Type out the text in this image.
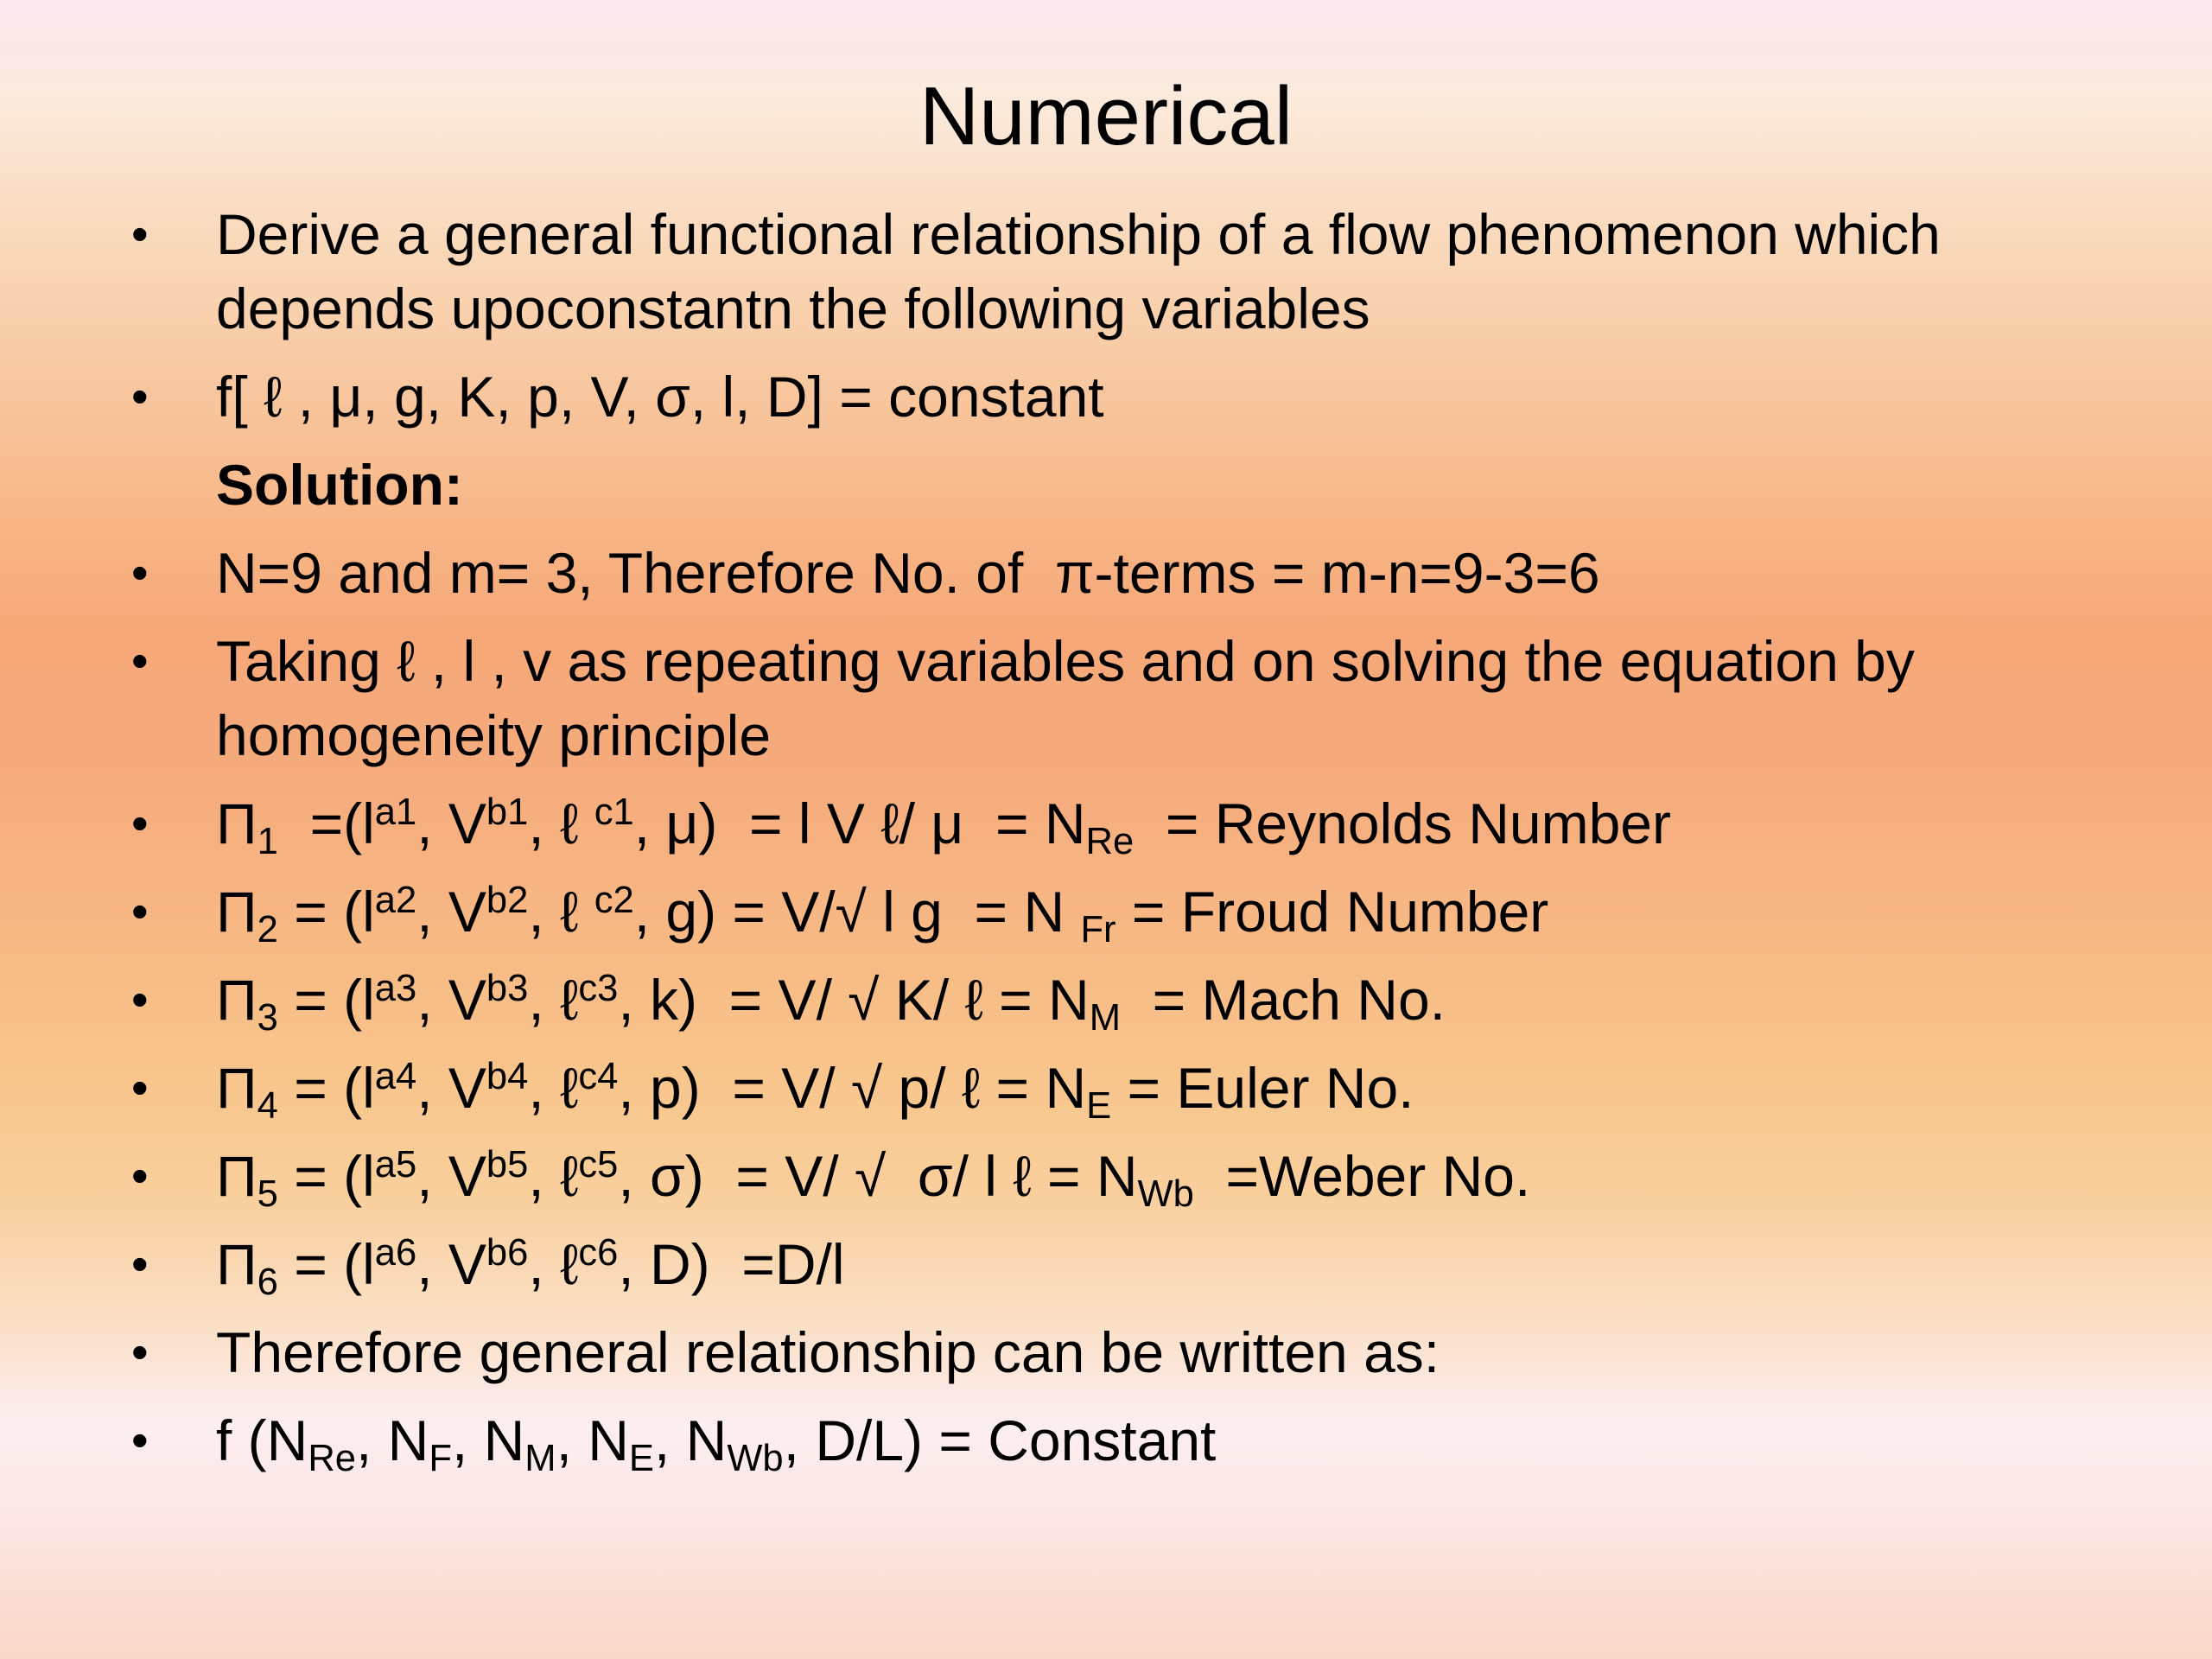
Numerical
• Derive a general functional relationship of a flow phenomenon which
depends upoconstantn the following variables
• f[ ℓ , μ, g, K, p, V, σ, l, D] = constant
Solution:
• N=9 and m= 3, Therefore No. of  π-terms = m-n=9-3=6
• Taking ℓ , l , v as repeating variables and on solving the equation by
homogeneity principle
• $\Pi_1 =(l^{a1}$, $V^{b1}$, ℓ $^{c1}$, μ)  = l V ℓ/ $\mu = N_{Re}$  = Reynolds Number
• $\Pi_2 = (l^{a2}$, $V^{b2}$, ℓ $^{c2}$, g) = V/√ l g  = N $_{Fr}$ = Froud Number
• $\Pi_3 = (l^{a3}$, $V^{b3}$, ℓ$^{c3}$, k)  = V/ √ K/ ℓ = $N_M$  = Mach No.
• $\Pi_4 = (l^{a4}$, $V^{b4}$, ℓ$^{c4}$, p)  = V/ √ p/ ℓ = $N_E$ = Euler No.
• $\Pi_5 = (l^{a5}$, $V^{b5}$, ℓ$^{c5}$, σ)  = V/ √  σ/ l ℓ = $N_{Wb}$  =Weber No.
• $\Pi_6 = (l^{a6}$, $V^{b6}$, ℓ$^{c6}$, D)  =D/l
• Therefore general relationship can be written as:
• f ($N_{Re}$, $N_F$, $N_M$, $N_E$, $N_{Wb}$, D/L) = Constant
